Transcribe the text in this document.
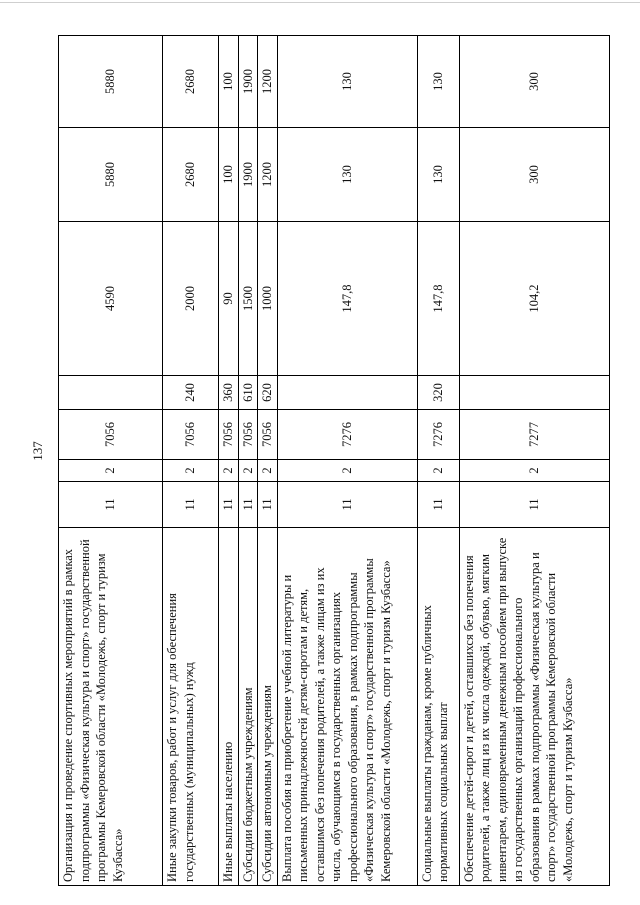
137
Организация и проведение спортивных мероприятий в рамках подпрограммы «Физическая культура и спорт» государственной программы Кемеровской области «Молодежь, спорт и туризм Кузбасса»	11	2	7056		4590	5880	5880
Иные закупки товаров, работ и услуг для обеспечения государственных (муниципальных) нужд	11	2	7056	240	2000	2680	2680
Иные выплаты населению	11	2	7056	360	90	100	100
Субсидии бюджетным учреждениям	11	2	7056	610	1500	1900	1900
Субсидии автономным учреждениям	11	2	7056	620	1000	1200	1200
Выплата пособия на приобретение учебной литературы и письменных принадлежностей детям-сиротам и детям, оставшимся без попечения родителей, а также лицам из их числа, обучающимся в государственных организациях профессионального образования, в рамках подпрограммы «Физическая культура и спорт» государственной программы Кемеровской области «Молодежь, спорт и туризм Кузбасса»	11	2	7276		147,8	130	130
Социальные выплаты гражданам, кроме публичных нормативных социальных выплат	11	2	7276	320	147,8	130	130
Обеспечение детей-сирот и детей, оставшихся без попечения родителей, а также лиц из их числа одеждой, обувью, мягким инвентарем, единовременным денежным пособием при выпуске из государственных организаций профессионального образования в рамках подпрограммы «Физическая культура и спорт» государственной программы Кемеровской области «Молодежь, спорт и туризм Кузбасса»	11	2	7277		104,2	300	300
